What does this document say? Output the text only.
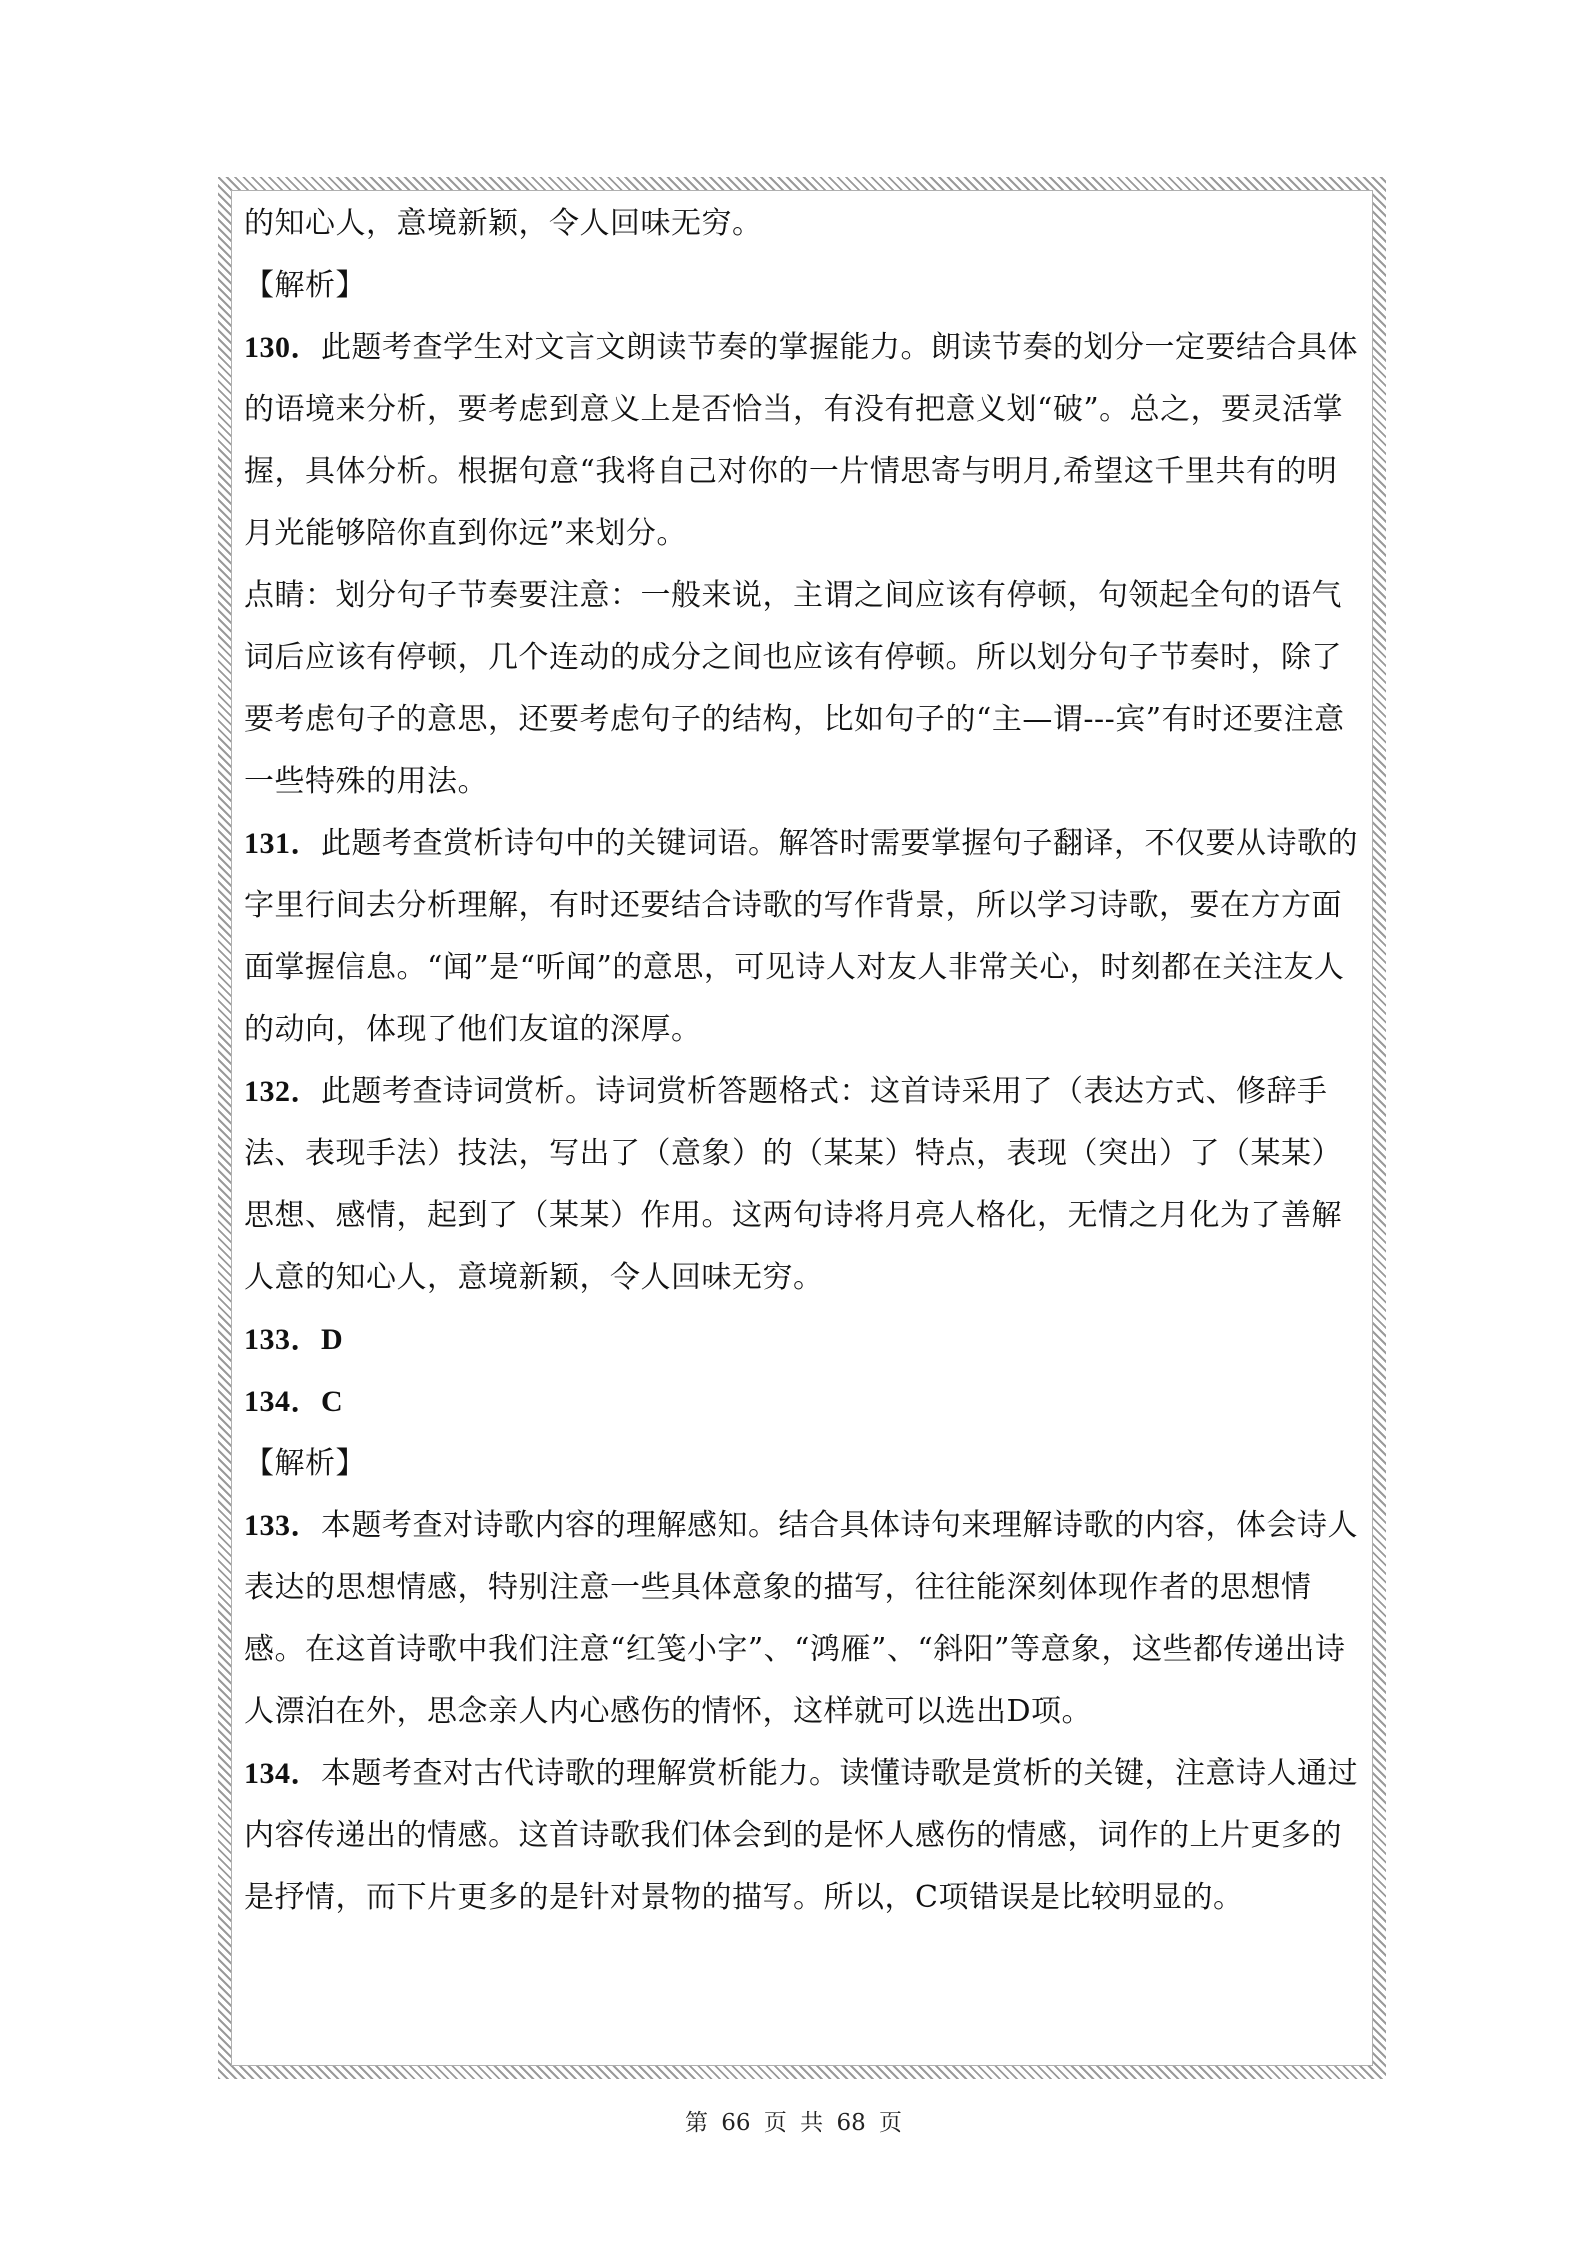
的知心人，意境新颖，令人回味无穷。

【解析】

130．此题考查学生对文言文朗读节奏的掌握能力。朗读节奏的划分一定要结合具体的语境来分析，要考虑到意义上是否恰当，有没有把意义划“破”。总之，要灵活掌握，具体分析。根据句意“我将自己对你的一片情思寄与明月,希望这千里共有的明月光能够陪你直到你远”来划分。

点睛：划分句子节奏要注意：一般来说，主谓之间应该有停顿，句领起全句的语气词后应该有停顿，几个连动的成分之间也应该有停顿。所以划分句子节奏时，除了要考虑句子的意思，还要考虑句子的结构，比如句子的“主—谓---宾”有时还要注意一些特殊的用法。

131．此题考查赏析诗句中的关键词语。解答时需要掌握句子翻译，不仅要从诗歌的字里行间去分析理解，有时还要结合诗歌的写作背景，所以学习诗歌，要在方方面面掌握信息。“闻”是“听闻”的意思，可见诗人对友人非常关心，时刻都在关注友人的动向，体现了他们友谊的深厚。

132．此题考查诗词赏析。诗词赏析答题格式：这首诗采用了（表达方式、修辞手法、表现手法）技法，写出了（意象）的（某某）特点，表现（突出）了（某某）思想、感情，起到了（某某）作用。这两句诗将月亮人格化，无情之月化为了善解人意的知心人，意境新颖，令人回味无穷。

133．D

134．C

【解析】

133．本题考查对诗歌内容的理解感知。结合具体诗句来理解诗歌的内容，体会诗人表达的思想情感，特别注意一些具体意象的描写，往往能深刻体现作者的思想情感。在这首诗歌中我们注意“红笺小字”、“鸿雁”、“斜阳”等意象，这些都传递出诗人漂泊在外，思念亲人内心感伤的情怀，这样就可以选出D项。

134．本题考查对古代诗歌的理解赏析能力。读懂诗歌是赏析的关键，注意诗人通过内容传递出的情感。这首诗歌我们体会到的是怀人感伤的情感，词作的上片更多的是抒情，而下片更多的是针对景物的描写。所以，C项错误是比较明显的。

第 66 页 共 68 页
